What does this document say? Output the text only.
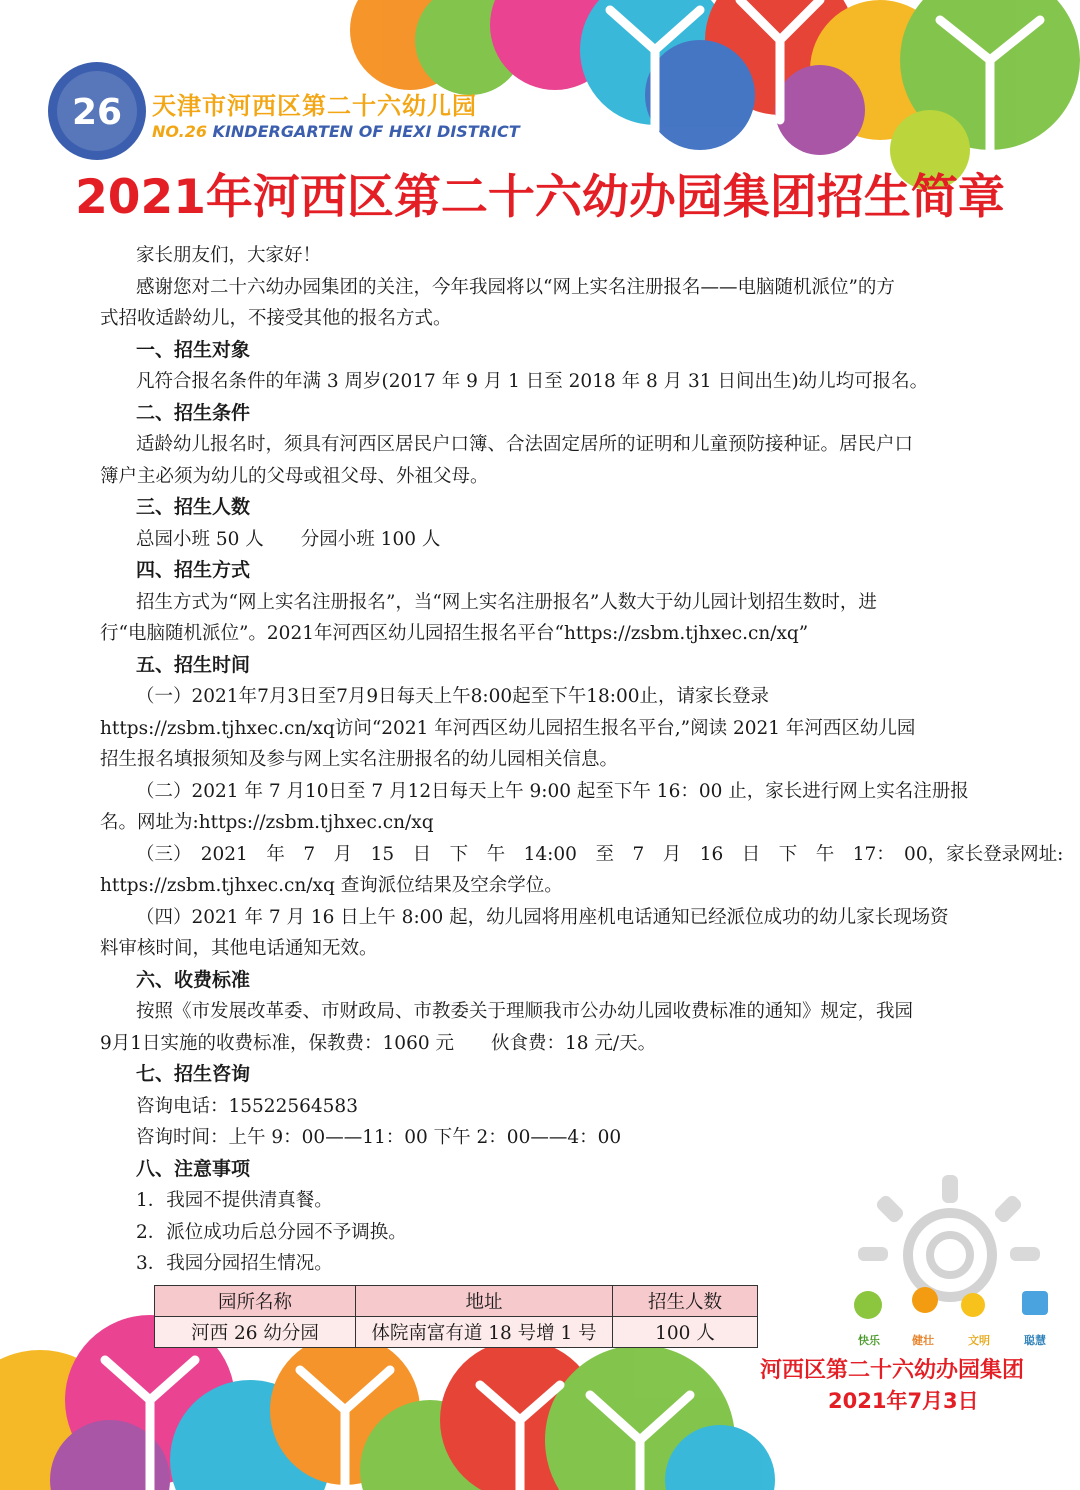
26 天津市河西区第二十六幼儿园
NO.26 KINDERGARTEN OF HEXI DISTRICT
2021年河西区第二十六幼办园集团招生简章
家长朋友们，大家好！
感谢您对二十六幼办园集团的关注，今年我园将以“网上实名注册报名——电脑随机派位”的方
式招收适龄幼儿，不接受其他的报名方式。
一、招生对象
凡符合报名条件的年满 3 周岁(2017 年 9 月 1 日至 2018 年 8 月 31 日间出生)幼儿均可报名。
二、招生条件
适龄幼儿报名时，须具有河西区居民户口簿、合法固定居所的证明和儿童预防接种证。居民户口
簿户主必须为幼儿的父母或祖父母、外祖父母。
三、招生人数
总园小班 50 人　　分园小班 100 人
四、招生方式
招生方式为“网上实名注册报名”，当“网上实名注册报名”人数大于幼儿园计划招生数时，进
行“电脑随机派位”。2021年河西区幼儿园招生报名平台“https://zsbm.tjhxec.cn/xq”
五、招生时间
（一）2021年7月3日至7月9日每天上午8:00起至下午18:00止，请家长登录
https://zsbm.tjhxec.cn/xq访问“2021 年河西区幼儿园招生报名平台,”阅读 2021 年河西区幼儿园
招生报名填报须知及参与网上实名注册报名的幼儿园相关信息。
（二）2021 年 7 月10日至 7 月12日每天上午 9:00 起至下午 16：00 止，家长进行网上实名注册报
名。网址为:https://zsbm.tjhxec.cn/xq
（三）　2021　年　7　月　15　日　下　午　14:00　至　7　月　16　日　下　午　17：　00，家长登录网址:
https://zsbm.tjhxec.cn/xq 查询派位结果及空余学位。
（四）2021 年 7 月 16 日上午 8:00 起，幼儿园将用座机电话通知已经派位成功的幼儿家长现场资
料审核时间，其他电话通知无效。
六、收费标准
按照《市发展改革委、市财政局、市教委关于理顺我市公办幼儿园收费标准的通知》规定，我园
9月1日实施的收费标准，保教费：1060 元　　伙食费：18 元/天。
七、招生咨询
咨询电话：15522564583
咨询时间：上午 9：00——11：00 下午 2：00——4：00
八、注意事项
1．我园不提供清真餐。
2．派位成功后总分园不予调换。
3．我园分园招生情况。
园所名称	地址	招生人数
河西 26 幼分园	体院南富有道 18 号增 1 号	100 人	快乐	健壮	文明	聪慧
河西区第二十六幼办园集团
2021年7月3日
